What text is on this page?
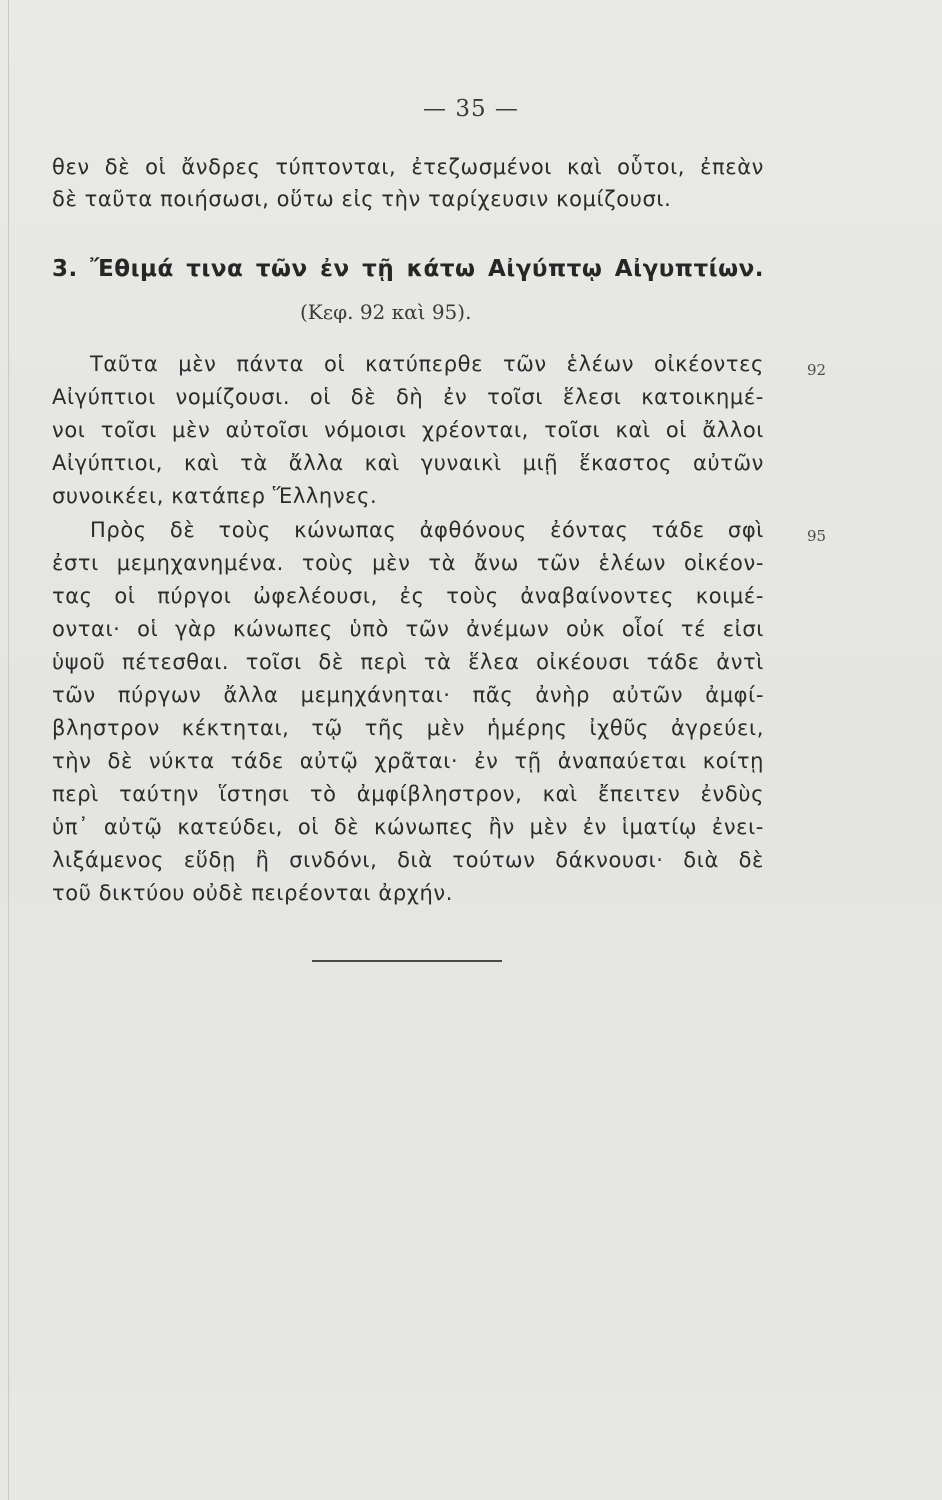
— 35 —
θεν δὲ οἱ ἄνδρες τύπτονται, ἐτεζωσμένοι καὶ οὗτοι, ἐπεὰν
δὲ ταῦτα ποιήσωσι, οὕτω εἰς τὴν ταρίχευσιν κομίζουσι.
3. Ἔθιμά τινα τῶν ἐν τῇ κάτω Αἰγύπτῳ Αἰγυπτίων.
(Κεφ. 92 καὶ 95).
92
95
Ταῦτα μὲν πάντα οἱ κατύπερθε τῶν ἑλέων οἰκέοντες
Αἰγύπτιοι νομίζουσι. οἱ δὲ δὴ ἐν τοῖσι ἕλεσι κατοικημέ-
νοι τοῖσι μὲν αὐτοῖσι νόμοισι χρέονται, τοῖσι καὶ οἱ ἄλλοι
Αἰγύπτιοι, καὶ τὰ ἄλλα καὶ γυναικὶ μιῇ ἕκαστος αὐτῶν
συνοικέει, κατάπερ Ἕλληνες.
Πρὸς δὲ τοὺς κώνωπας ἀφθόνους ἐόντας τάδε σφὶ
ἐστι μεμηχανημένα. τοὺς μὲν τὰ ἄνω τῶν ἑλέων οἰκέον-
τας οἱ πύργοι ὠφελέουσι, ἐς τοὺς ἀναβαίνοντες κοιμέ-
ονται· οἱ γὰρ κώνωπες ὑπὸ τῶν ἀνέμων οὐκ οἷοί τέ εἰσι
ὑψοῦ πέτεσθαι. τοῖσι δὲ περὶ τὰ ἕλεα οἰκέουσι τάδε ἀντὶ
τῶν πύργων ἄλλα μεμηχάνηται· πᾶς ἀνὴρ αὐτῶν ἀμφί-
βληστρον κέκτηται, τῷ τῆς μὲν ἡμέρης ἰχθῦς ἀγρεύει,
τὴν δὲ νύκτα τάδε αὐτῷ χρᾶται· ἐν τῇ ἀναπαύεται κοίτῃ
περὶ ταύτην ἵστησι τὸ ἀμφίβληστρον, καὶ ἔπειτεν ἐνδὺς
ὑπ᾿ αὐτῷ κατεύδει, οἱ δὲ κώνωπες ἢν μὲν ἐν ἱματίῳ ἐνει-
λιξάμενος εὕδῃ ἢ σινδόνι, διὰ τούτων δάκνουσι· διὰ δὲ
τοῦ δικτύου οὐδὲ πειρέονται ἀρχήν.
